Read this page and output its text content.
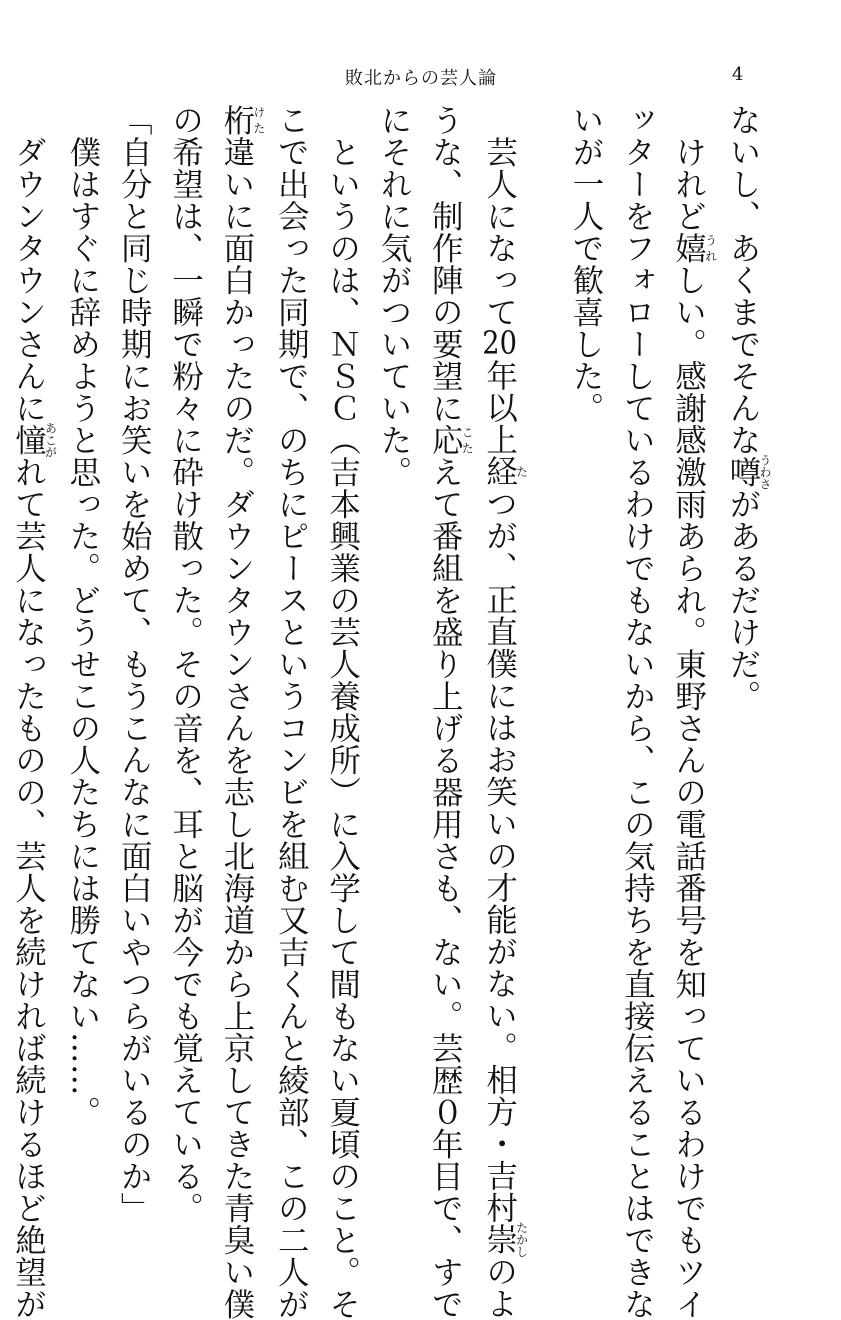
敗北からの芸人論	4

ないし、あくまでそんな噂うわさがあるだけだ。

けれど嬉うれしい。感謝感激雨あられ。東野さんの電話番号を知っているわけでもツイ

ッターをフォローしているわけでもないから、この気持ちを直接伝えることはできな

いが一人で歓喜した。

芸人になって20年以上経たつが、正直僕にはお笑いの才能がない。相方・吉村崇たかしのよ

うな、制作陣の要望に応こたえて番組を盛り上げる器用さも、ない。芸歴０年目で、すで

にそれに気がついていた。

というのは、ＮＳＣ（吉本興業の芸人養成所）に入学して間もない夏頃のこと。そ

こで出会った同期で、のちにピースというコンビを組む又吉くんと綾部、この二人が

桁けた違いに面白かったのだ。ダウンタウンさんを志し北海道から上京してきた青臭い僕

の希望は、一瞬で粉々に砕け散った。その音を、耳と脳が今でも覚えている。

「自分と同じ時期にお笑いを始めて、もうこんなに面白いやつらがいるのか」

僕はすぐに辞めようと思った。どうせこの人たちには勝てない……。

ダウンタウンさんに憧あこがれて芸人になったものの、芸人を続ければ続けるほど絶望が
